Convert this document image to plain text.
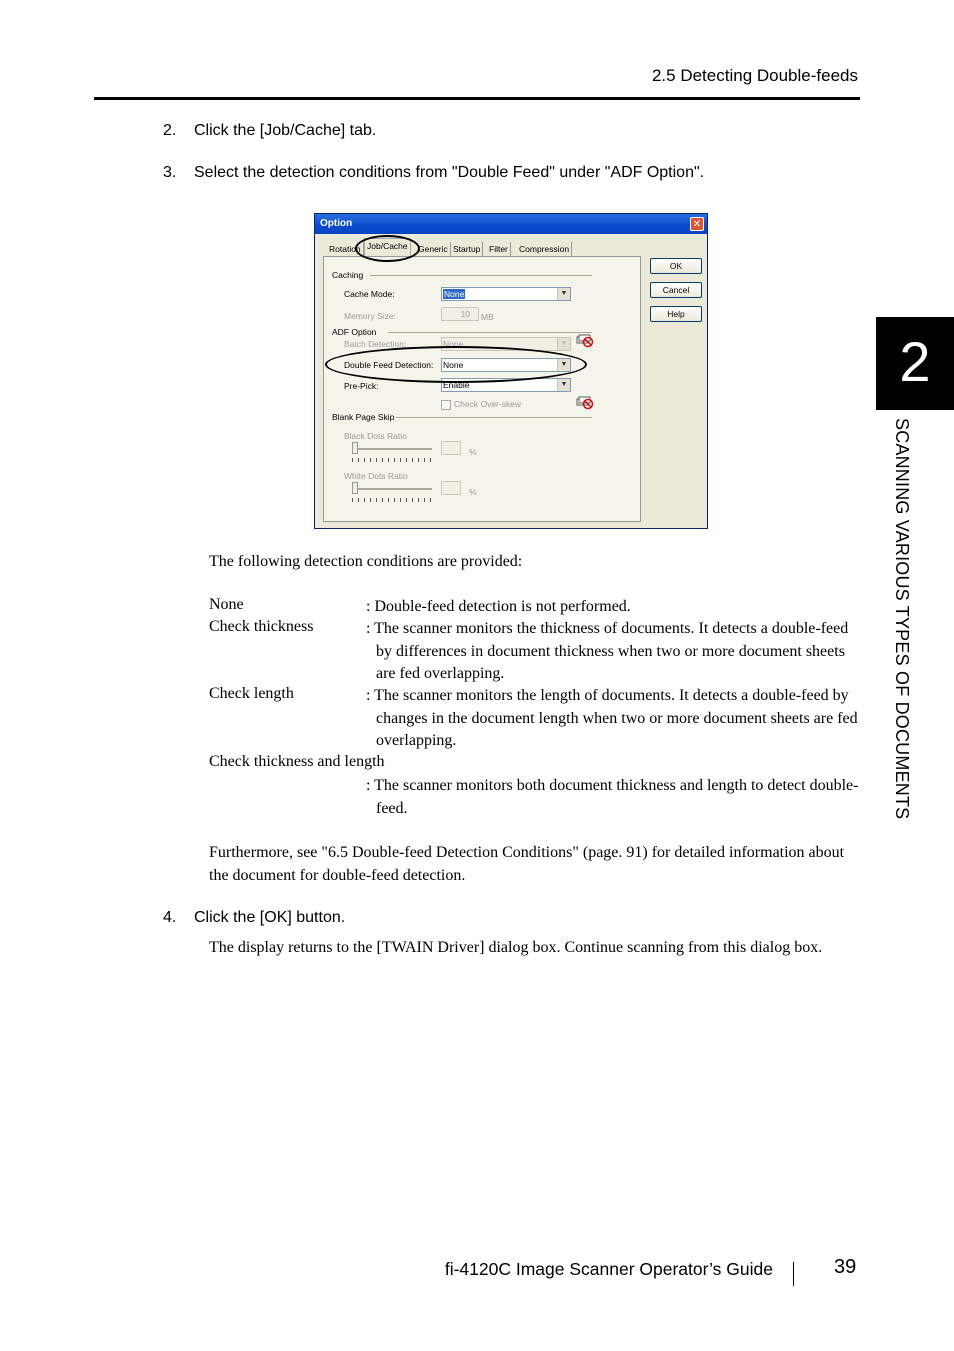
2.5 Detecting Double-feeds
2
SCANNING VARIOUS TYPES OF DOCUMENTS
2. Click the [Job/Cache] tab.
3. Select the detection conditions from "Double Feed" under "ADF Option".
Option	✕
Rotation Job/Cache	Generic Startup	Filter	Compression
Caching
Cache Mode:	None	▼
Memory Size:	10	MB
ADF Option
Batch Detection:	None	▼
Double Feed Detection: None	▼
Pre-Pick:	Enable	▼
Check Over-skew
Blank Page Skip
Black Dots Ratio
%
White Dots Ratio
%
OK
Cancel
Help
The following detection conditions are provided:
None	: Double-feed detection is not performed.
Check thickness	: The scanner monitors the thickness of documents. It detects a double-feed by differences in document thickness when two or more document sheets are fed overlapping.
Check length	: The scanner monitors the length of documents. It detects a double-feed by changes in the document length when two or more document sheets are fed overlapping.
Check thickness and length
: The scanner monitors both document thickness and length to detect double-feed.
Furthermore, see "6.5 Double-feed Detection Conditions" (page. 91) for detailed information about the document for double-feed detection.
4. Click the [OK] button.
The display returns to the [TWAIN Driver] dialog box. Continue scanning from this dialog box.
fi-4120C Image Scanner Operator’s Guide	39
